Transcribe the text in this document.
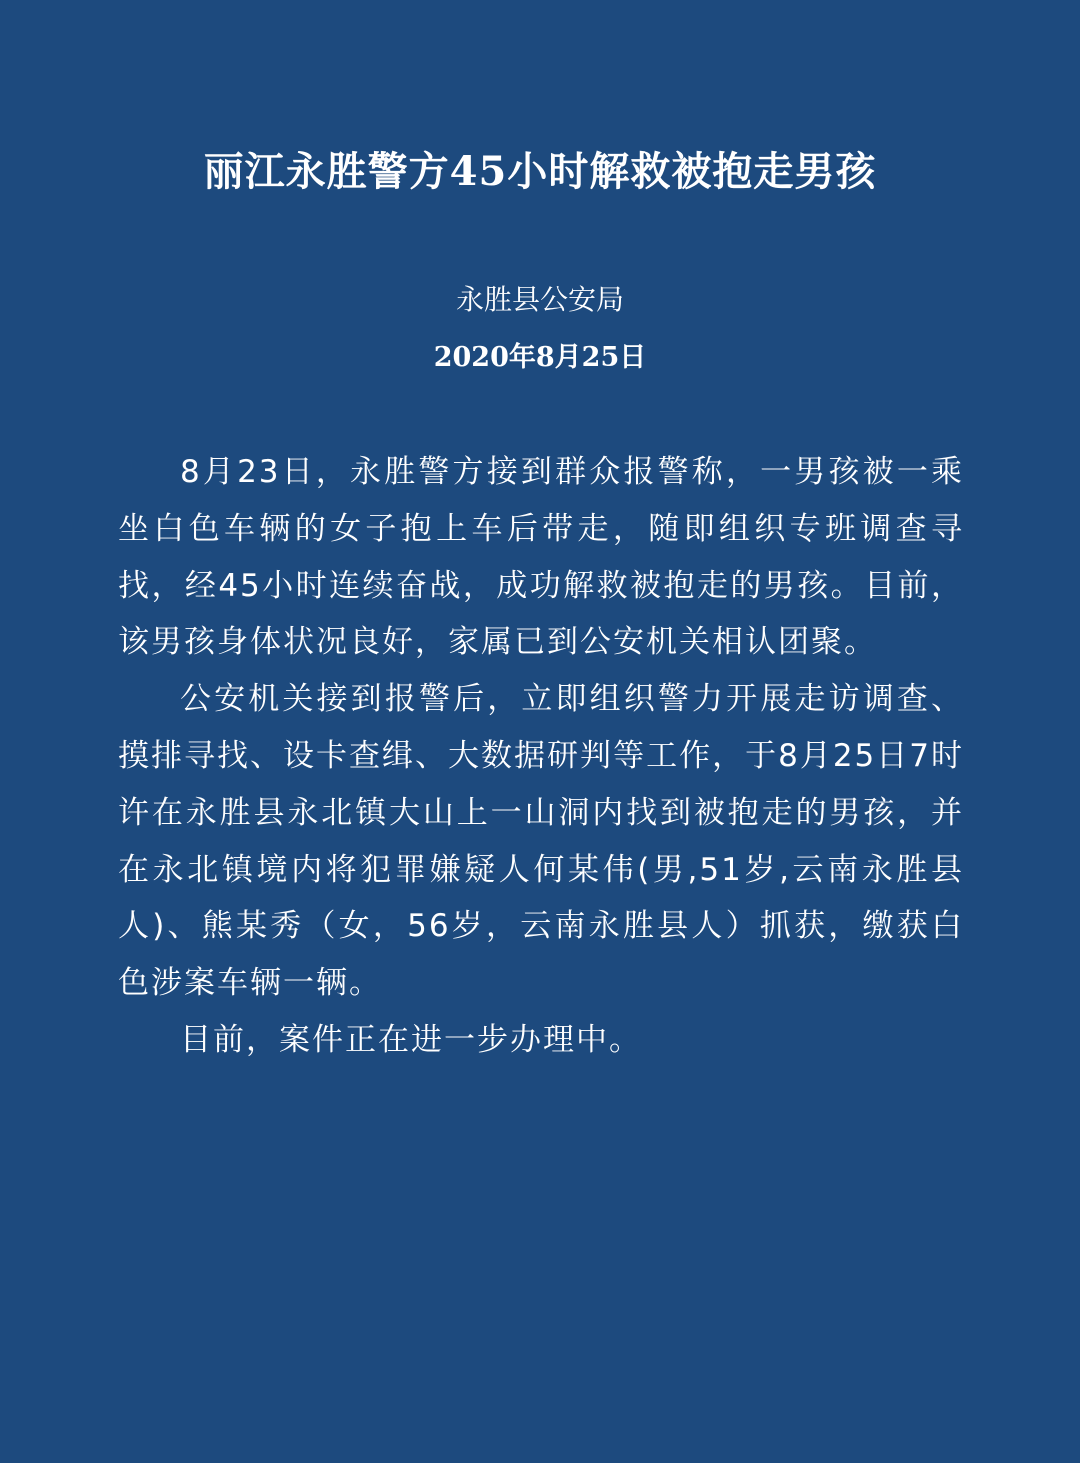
丽江永胜警方45小时解救被抱走男孩
永胜县公安局
2020年8月25日

8月23日，永胜警方接到群众报警称，一男孩被一乘坐白色车辆的女子抱上车后带走，随即组织专班调查寻找，经45小时连续奋战，成功解救被抱走的男孩。目前，该男孩身体状况良好，家属已到公安机关相认团聚。

公安机关接到报警后，立即组织警力开展走访调查、摸排寻找、设卡查缉、大数据研判等工作，于8月25日7时许在永胜县永北镇大山上一山洞内找到被抱走的男孩，并在永北镇境内将犯罪嫌疑人何某伟(男,51岁,云南永胜县人)、熊某秀（女，56岁，云南永胜县人）抓获，缴获白色涉案车辆一辆。

目前，案件正在进一步办理中。
